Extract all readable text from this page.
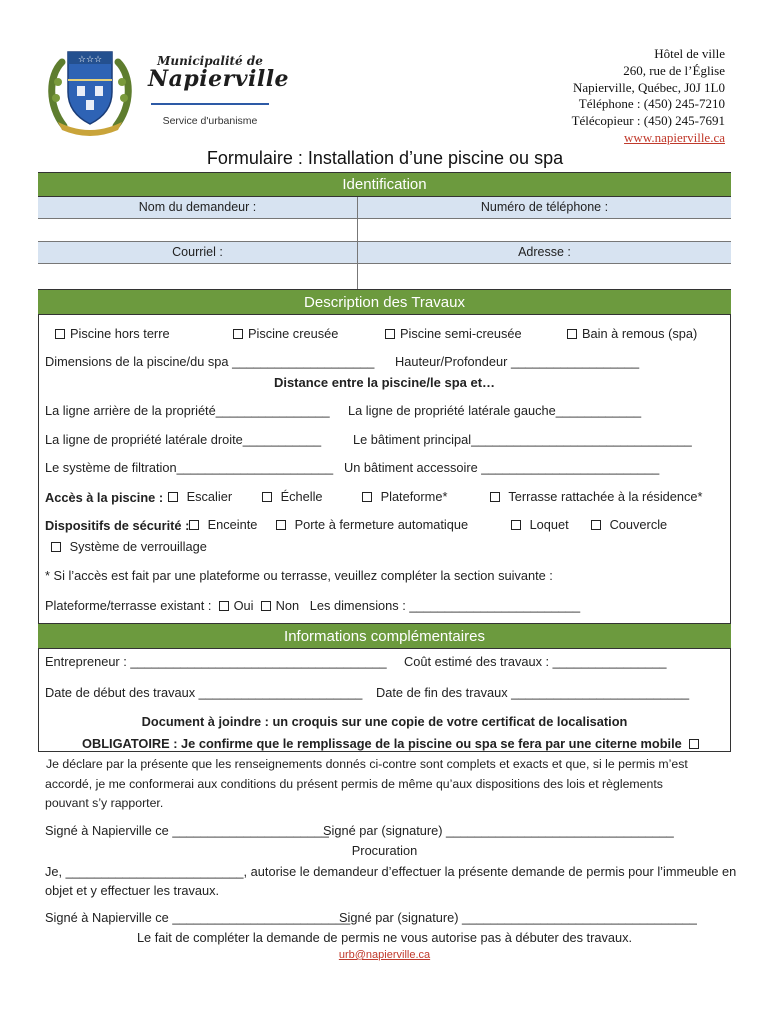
☆☆☆	Municipalité de
Napierville
Service d'urbanisme
Hôtel de ville
260, rue de l’Église
Napierville, Québec, J0J 1L0
Téléphone : (450) 245-7210
Télécopieur : (450) 245-7691
www.napierville.ca
Formulaire : Installation d’une piscine ou spa
Identification
Nom du demandeur :	Numéro de téléphone :
Courriel :	Adresse :
Description des Travaux
Piscine hors terre	Piscine creusée	Piscine semi-creusée	Bain à remous (spa)
Dimensions de la piscine/du spa ____________________ Hauteur/Profondeur __________________
Distance entre la piscine/le spa et…
La ligne arrière de la propriété________________ La ligne de propriété latérale gauche____________
La ligne de propriété latérale droite___________ Le bâtiment principal_______________________________
Le système de filtration______________________ Un bâtiment accessoire _________________________
Accès à la piscine :	Escalier	Échelle	Plateforme*	Terrasse rattachée à la résidence*
Dispositifs de sécurité :	Enceinte	Porte à fermeture automatique	Loquet	Couvercle
Système de verrouillage
* Si l’accès est fait par une plateforme ou terrasse, veuillez compléter la section suivante :
Plateforme/terrasse existant : Oui Non Les dimensions : ________________________
Informations complémentaires
Entrepreneur : ____________________________________ Coût estimé des travaux : ________________
Date de début des travaux _______________________ Date de fin des travaux _________________________
Document à joindre : un croquis sur une copie de votre certificat de localisation
OBLIGATOIRE : Je confirme que le remplissage de la piscine ou spa se fera par une citerne mobile
Je déclare par la présente que les renseignements donnés ci-contre sont complets et exacts et que, si le permis m’est
accordé, je me conformerai aux conditions du présent permis de même qu’aux dispositions des lois et règlements
pouvant s’y rapporter.
Signé à Napierville ce ______________________
Signé par (signature) ________________________________
Procuration
Je, _________________________, autorise le demandeur d’effectuer la présente demande de permis pour l’immeuble en
objet et y effectuer les travaux.
Signé à Napierville ce _________________________
Signé par (signature) _________________________________
Le fait de compléter la demande de permis ne vous autorise pas à débuter des travaux.
urb@napierville.ca
